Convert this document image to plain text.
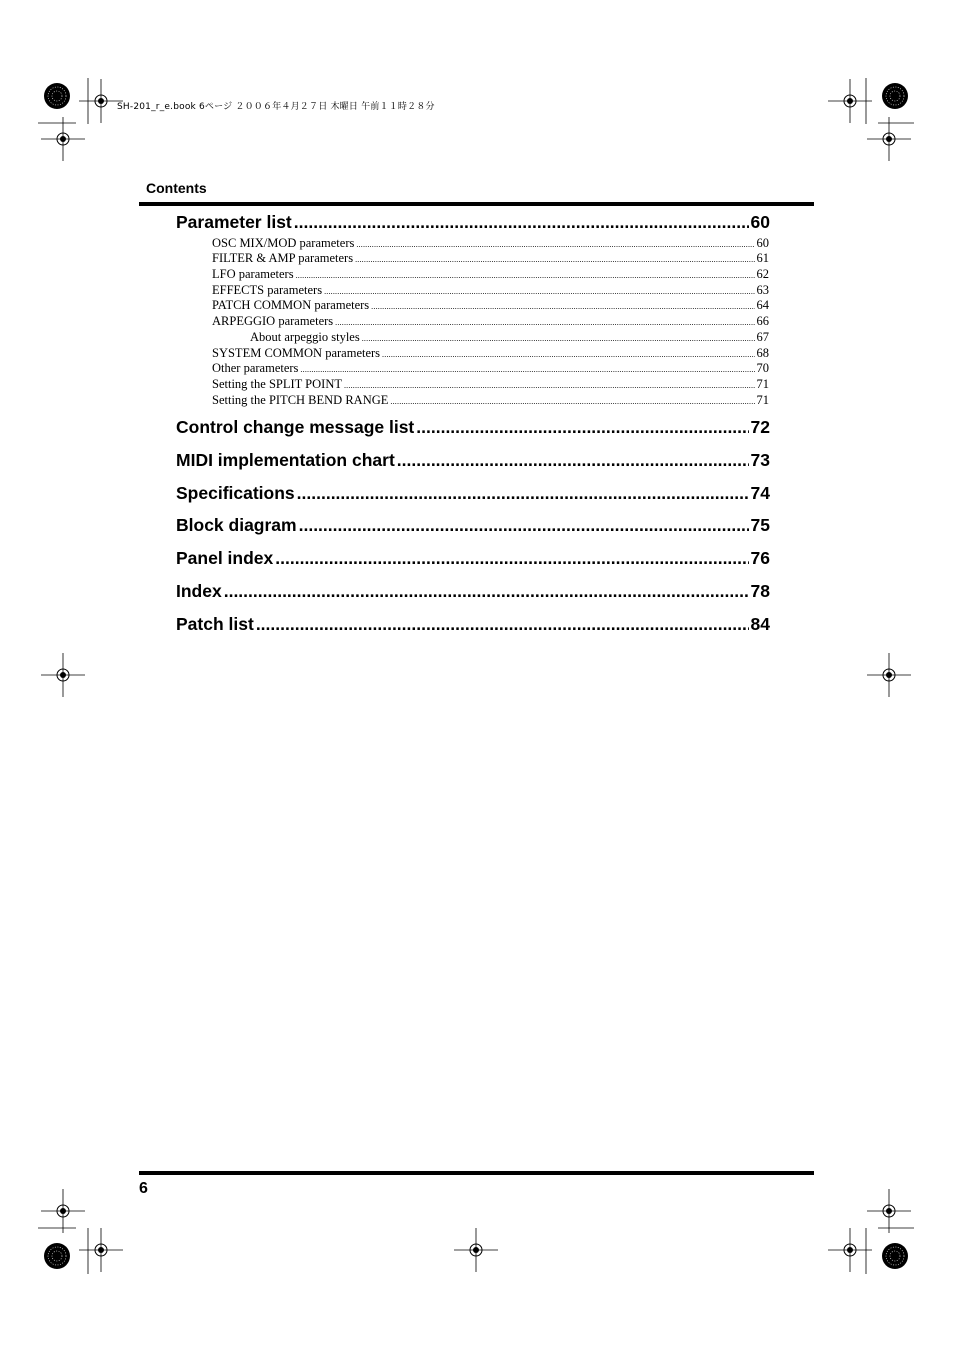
SH-201_r_e.book 6ページ ２００６年４月２７日 木曜日 午前１１時２８分
Contents
Parameter list .....	60
OSC MIX/MOD parameters .....	60
FILTER & AMP parameters .....	61
LFO parameters .....	62
EFFECTS parameters .....	63
PATCH COMMON parameters .....	64
ARPEGGIO parameters .....	66
About arpeggio styles .....	67
SYSTEM COMMON parameters .....	68
Other parameters .....	70
Setting the SPLIT POINT .....	71
Setting the PITCH BEND RANGE .....	71
Control change message list .....	72
MIDI implementation chart .....	73
Specifications .....	74
Block diagram .....	75
Panel index .....	76
Index .....	78
Patch list .....	84
6
